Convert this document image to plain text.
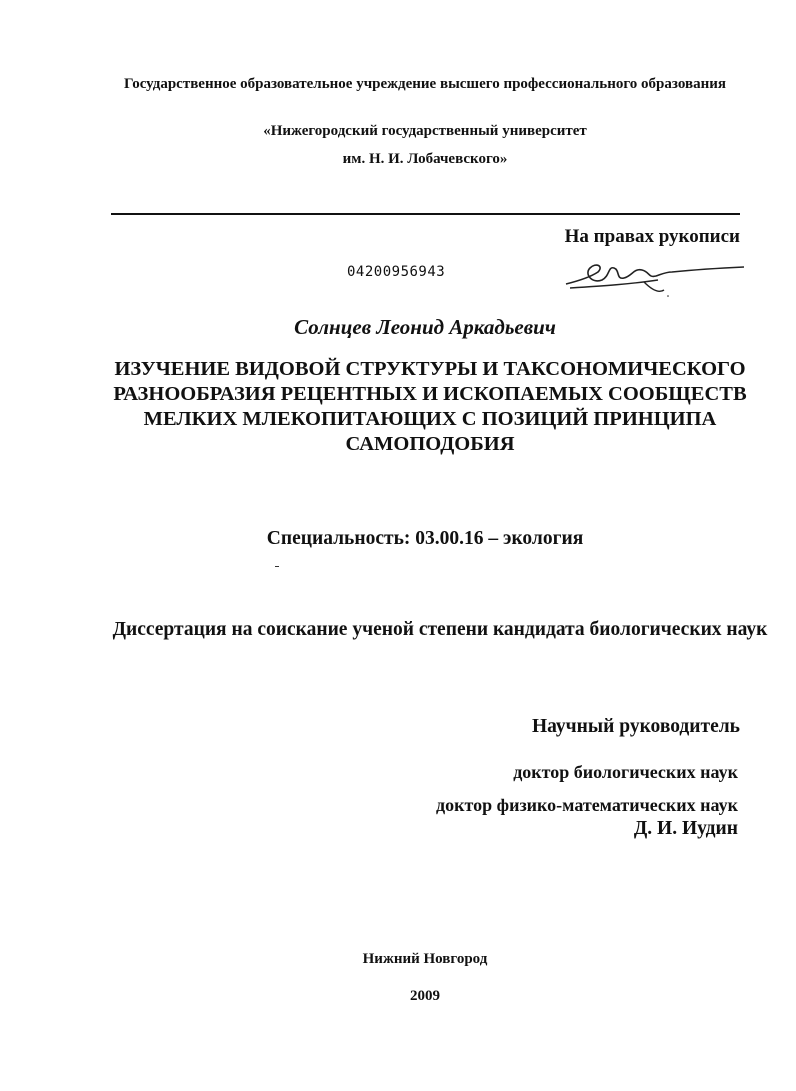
Государственное образовательное учреждение высшего профессионального образования
«Нижегородский государственный университет
им. Н. И. Лобачевского»
На правах рукописи
04200956943
Солнцев Леонид Аркадьевич
ИЗУЧЕНИЕ ВИДОВОЙ СТРУКТУРЫ И ТАКСОНОМИЧЕСКОГО РАЗНООБРАЗИЯ РЕЦЕНТНЫХ И ИСКОПАЕМЫХ СООБЩЕСТВ МЕЛКИХ МЛЕКОПИТАЮЩИХ С ПОЗИЦИЙ ПРИНЦИПА САМОПОДОБИЯ
Специальность: 03.00.16 – экология
Диссертация на соискание ученой степени кандидата биологических наук
Научный руководитель
доктор биологических наук
доктор физико-математических наук
Д. И. Иудин
Нижний Новгород
2009
